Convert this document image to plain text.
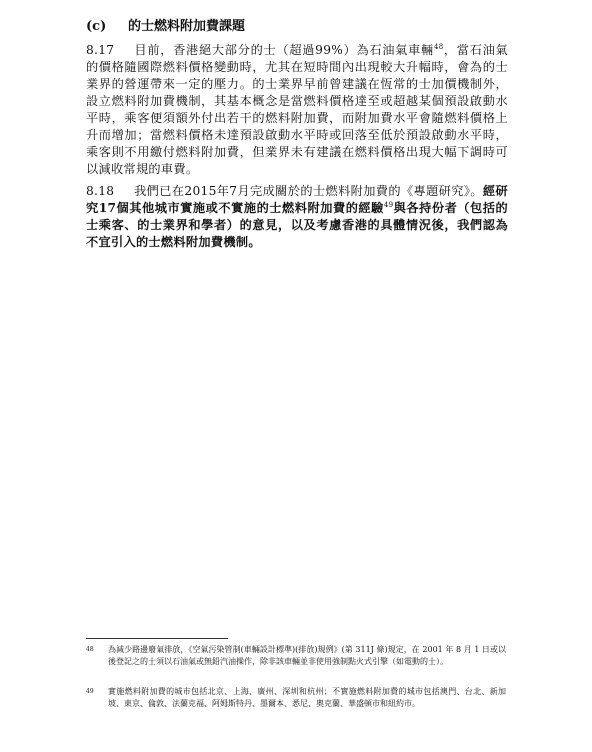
(c) 的士燃料附加費課題
8.17 目前，香港絕大部分的士（超過99%）為石油氣車輛$^{48}$，當石油氣的價格隨國際燃料價格變動時，尤其在短時間內出現較大升幅時，會為的士業界的營運帶來一定的壓力。的士業界早前曾建議在恆常的士加價機制外，設立燃料附加費機制，其基本概念是當燃料價格達至或超越某個預設啟動水平時，乘客便須額外付出若干的燃料附加費，而附加費水平會隨燃料價格上升而增加；當燃料價格未達預設啟動水平時或回落至低於預設啟動水平時，乘客則不用繳付燃料附加費，但業界未有建議在燃料價格出現大幅下調時可以減收常規的車費。
8.18 我們已在2015年7月完成關於的士燃料附加費的《專題研究》。經研究17個其他城市實施或不實施的士燃料附加費的經驗$^{49}$與各持份者（包括的士乘客、的士業界和學者）的意見，以及考慮香港的具體情況後，我們認為不宜引入的士燃料附加費機制。
48 為減少路邊廢氣排放，《空氣污染管制(車輛設計標準)(排放)規例》(第 311J 條)規定，在 2001 年 8 月 1 日或以後登記之的士須以石油氣或無鉛汽油操作，除非該車輛並非使用強制點火式引擎（如電動的士）。
49 實施燃料附加費的城市包括北京、上海、廣州、深圳和杭州；不實施燃料附加費的城市包括澳門、台北、新加坡、東京、倫敦、法蘭克福、阿姆斯特丹、墨爾本、悉尼、奧克蘭、華盛頓市和紐約市。
